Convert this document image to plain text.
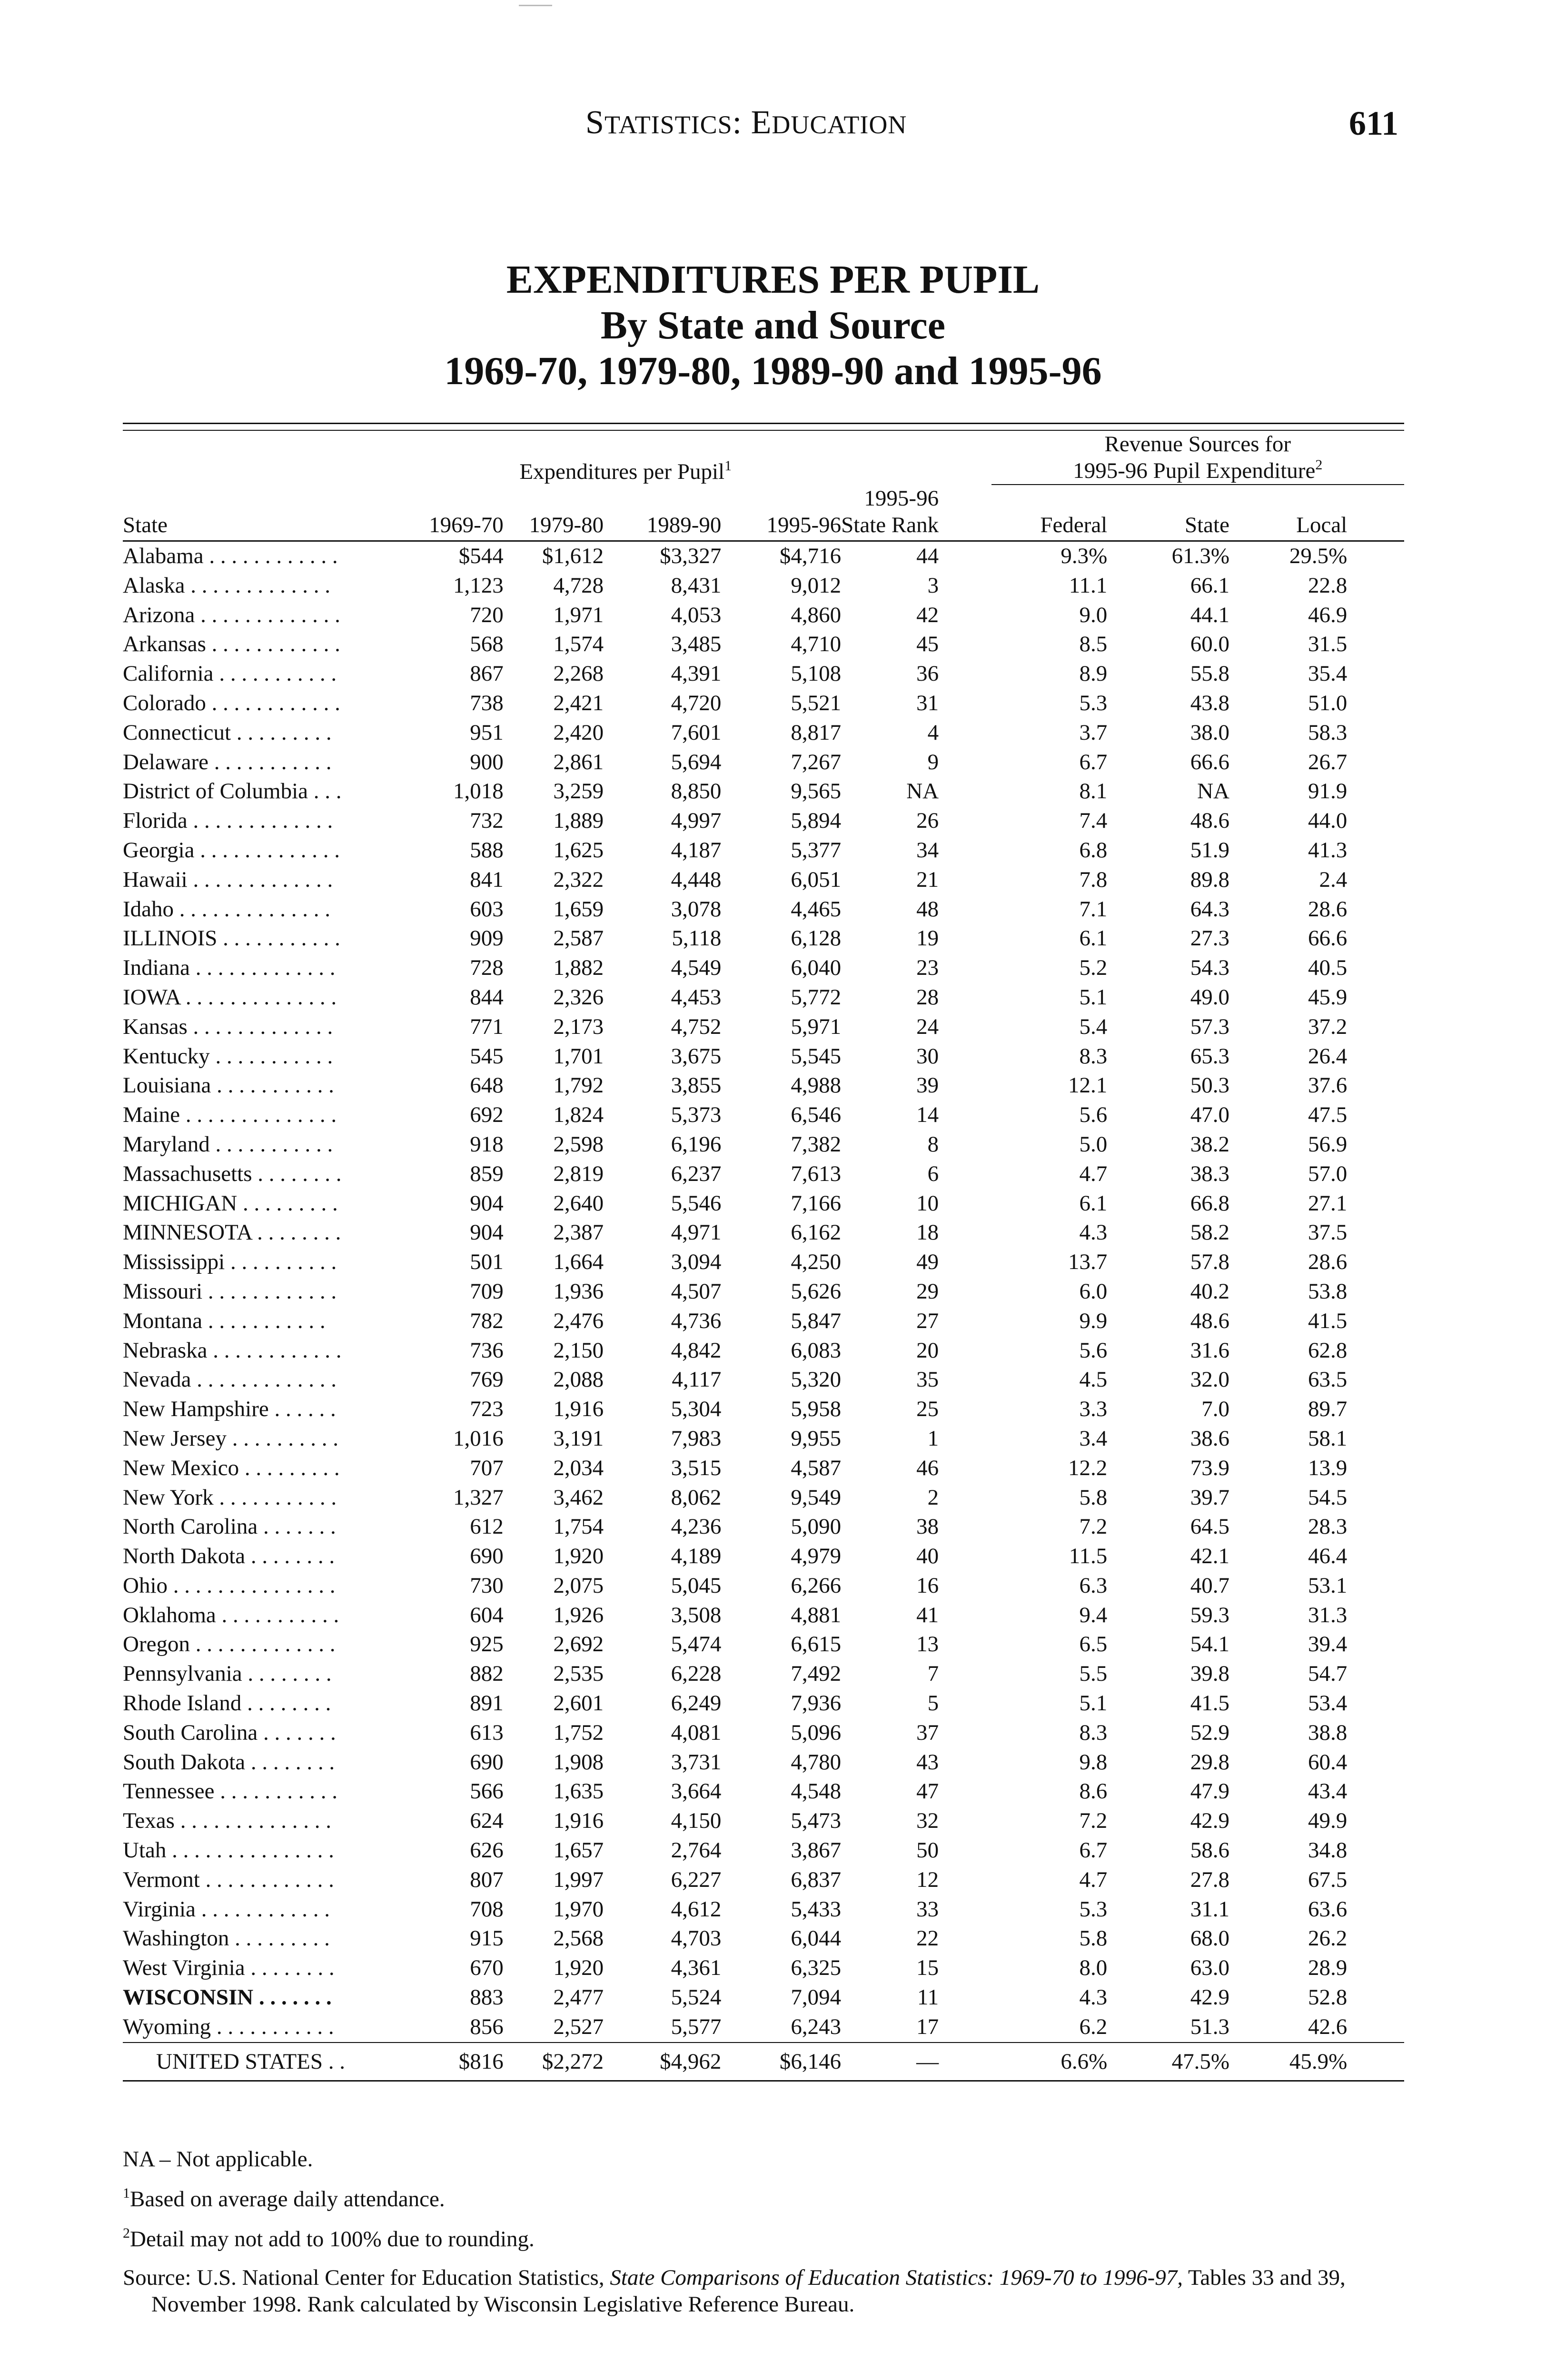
STATISTICS: EDUCATION	611
EXPENDITURES PER PUPIL
By State and Source
1969-70, 1979-80, 1989-90 and 1995-96
	Expenditures per Pupil$^1$						Revenue Sources for
1995-96 Pupil Expenditure$^2$

					1995-96					
State	1969-70	1979-80	1989-90	1995-96	State Rank		Federal	State	Local	
Alabama . . . . . . . . . . . .	$544	$1,612	$3,327	$4,716	44		9.3%	61.3%	29.5%	
Alaska . . . . . . . . . . . . .	1,123	4,728	8,431	9,012	3		11.1	66.1	22.8	
Arizona . . . . . . . . . . . . .	720	1,971	4,053	4,860	42		9.0	44.1	46.9	
Arkansas . . . . . . . . . . . .	568	1,574	3,485	4,710	45		8.5	60.0	31.5	
California . . . . . . . . . . .	867	2,268	4,391	5,108	36		8.9	55.8	35.4	
Colorado . . . . . . . . . . . .	738	2,421	4,720	5,521	31		5.3	43.8	51.0	
Connecticut . . . . . . . . .	951	2,420	7,601	8,817	4		3.7	38.0	58.3	
Delaware . . . . . . . . . . .	900	2,861	5,694	7,267	9		6.7	66.6	26.7	
District of Columbia . . .	1,018	3,259	8,850	9,565	NA		8.1	NA	91.9	
Florida . . . . . . . . . . . . .	732	1,889	4,997	5,894	26		7.4	48.6	44.0	
Georgia . . . . . . . . . . . . .	588	1,625	4,187	5,377	34		6.8	51.9	41.3	
Hawaii . . . . . . . . . . . . .	841	2,322	4,448	6,051	21		7.8	89.8	2.4	
Idaho . . . . . . . . . . . . . .	603	1,659	3,078	4,465	48		7.1	64.3	28.6	
ILLINOIS . . . . . . . . . . .	909	2,587	5,118	6,128	19		6.1	27.3	66.6	
Indiana . . . . . . . . . . . . .	728	1,882	4,549	6,040	23		5.2	54.3	40.5	
IOWA . . . . . . . . . . . . . .	844	2,326	4,453	5,772	28		5.1	49.0	45.9	
Kansas . . . . . . . . . . . . .	771	2,173	4,752	5,971	24		5.4	57.3	37.2	
Kentucky . . . . . . . . . . .	545	1,701	3,675	5,545	30		8.3	65.3	26.4	
Louisiana . . . . . . . . . . .	648	1,792	3,855	4,988	39		12.1	50.3	37.6	
Maine . . . . . . . . . . . . . .	692	1,824	5,373	6,546	14		5.6	47.0	47.5	
Maryland . . . . . . . . . . .	918	2,598	6,196	7,382	8		5.0	38.2	56.9	
Massachusetts . . . . . . . .	859	2,819	6,237	7,613	6		4.7	38.3	57.0	
MICHIGAN . . . . . . . . .	904	2,640	5,546	7,166	10		6.1	66.8	27.1	
MINNESOTA . . . . . . . .	904	2,387	4,971	6,162	18		4.3	58.2	37.5	
Mississippi . . . . . . . . . .	501	1,664	3,094	4,250	49		13.7	57.8	28.6	
Missouri . . . . . . . . . . . .	709	1,936	4,507	5,626	29		6.0	40.2	53.8	
Montana . . . . . . . . . . .	782	2,476	4,736	5,847	27		9.9	48.6	41.5	
Nebraska . . . . . . . . . . . .	736	2,150	4,842	6,083	20		5.6	31.6	62.8	
Nevada . . . . . . . . . . . . .	769	2,088	4,117	5,320	35		4.5	32.0	63.5	
New Hampshire . . . . . .	723	1,916	5,304	5,958	25		3.3	7.0	89.7	
New Jersey . . . . . . . . . .	1,016	3,191	7,983	9,955	1		3.4	38.6	58.1	
New Mexico . . . . . . . . .	707	2,034	3,515	4,587	46		12.2	73.9	13.9	
New York . . . . . . . . . . .	1,327	3,462	8,062	9,549	2		5.8	39.7	54.5	
North Carolina . . . . . . .	612	1,754	4,236	5,090	38		7.2	64.5	28.3	
North Dakota . . . . . . . .	690	1,920	4,189	4,979	40		11.5	42.1	46.4	
Ohio . . . . . . . . . . . . . . .	730	2,075	5,045	6,266	16		6.3	40.7	53.1	
Oklahoma . . . . . . . . . . .	604	1,926	3,508	4,881	41		9.4	59.3	31.3	
Oregon . . . . . . . . . . . . .	925	2,692	5,474	6,615	13		6.5	54.1	39.4	
Pennsylvania . . . . . . . .	882	2,535	6,228	7,492	7		5.5	39.8	54.7	
Rhode Island . . . . . . . .	891	2,601	6,249	7,936	5		5.1	41.5	53.4	
South Carolina . . . . . . .	613	1,752	4,081	5,096	37		8.3	52.9	38.8	
South Dakota . . . . . . . .	690	1,908	3,731	4,780	43		9.8	29.8	60.4	
Tennessee . . . . . . . . . . .	566	1,635	3,664	4,548	47		8.6	47.9	43.4	
Texas . . . . . . . . . . . . . .	624	1,916	4,150	5,473	32		7.2	42.9	49.9	
Utah . . . . . . . . . . . . . . .	626	1,657	2,764	3,867	50		6.7	58.6	34.8	
Vermont . . . . . . . . . . . .	807	1,997	6,227	6,837	12		4.7	27.8	67.5	
Virginia . . . . . . . . . . . .	708	1,970	4,612	5,433	33		5.3	31.1	63.6	
Washington . . . . . . . . .	915	2,568	4,703	6,044	22		5.8	68.0	26.2	
West Virginia . . . . . . . .	670	1,920	4,361	6,325	15		8.0	63.0	28.9	
WISCONSIN . . . . . . .	883	2,477	5,524	7,094	11		4.3	42.9	52.8	
Wyoming . . . . . . . . . . .	856	2,527	5,577	6,243	17		6.2	51.3	42.6	
UNITED STATES . .	$816	$2,272	$4,962	$6,146	—		6.6%	47.5%	45.9%	

NA – Not applicable.

$^1$Based on average daily attendance.

$^2$Detail may not add to 100% due to rounding.

Source: U.S. National Center for Education Statistics, State Comparisons of Education Statistics: 1969-70 to 1996-97, Tables 33 and 39, November 1998. Rank calculated by Wisconsin Legislative Reference Bureau.
